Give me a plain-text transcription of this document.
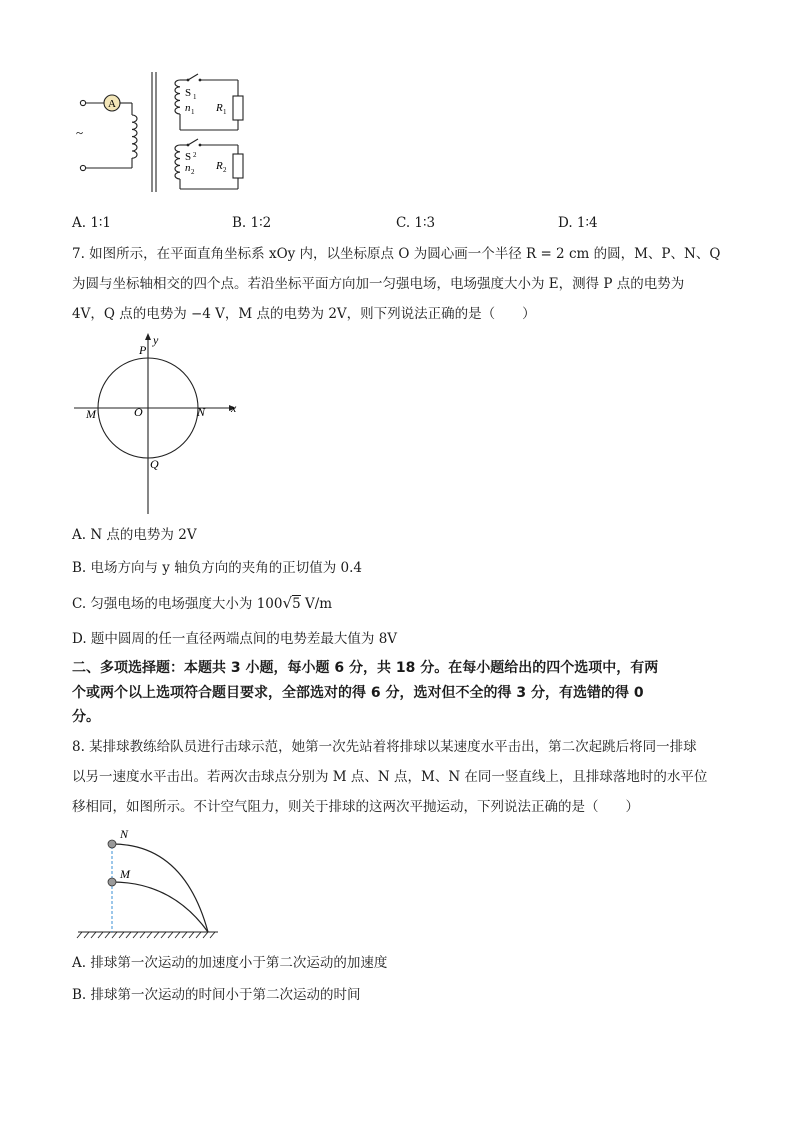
A
~
S 1
n 1 R 1
S 2
n 2 R 2
A. 1∶1	B. 1∶2	C. 1∶3	D. 1∶4
7. 如图所示，在平面直角坐标系 xOy 内，以坐标原点 O 为圆心画一个半径 R = 2 cm 的圆，M、P、N、Q
为圆与坐标轴相交的四个点。若沿坐标平面方向加一匀强电场，电场强度大小为 E，测得 P 点的电势为
4V，Q 点的电势为 −4 V，M 点的电势为 2V，则下列说法正确的是（　　）
y
x
P
M	O	N
Q
A. N 点的电势为 2V
B. 电场方向与 y 轴负方向的夹角的正切值为 0.4
C. 匀强电场的电场强度大小为 100√5 V/m
D. 题中圆周的任一直径两端点间的电势差最大值为 8V
二、多项选择题：本题共 3 小题，每小题 6 分，共 18 分。在每小题给出的四个选项中，有两
个或两个以上选项符合题目要求，全部选对的得 6 分，选对但不全的得 3 分，有选错的得 0
分。
8. 某排球教练给队员进行击球示范，她第一次先站着将排球以某速度水平击出，第二次起跳后将同一排球
以另一速度水平击出。若两次击球点分别为 M 点、N 点，M、N 在同一竖直线上，且排球落地时的水平位
移相同，如图所示。不计空气阻力，则关于排球的这两次平抛运动，下列说法正确的是（　　）
N
M
A. 排球第一次运动的加速度小于第二次运动的加速度
B. 排球第一次运动的时间小于第二次运动的时间
